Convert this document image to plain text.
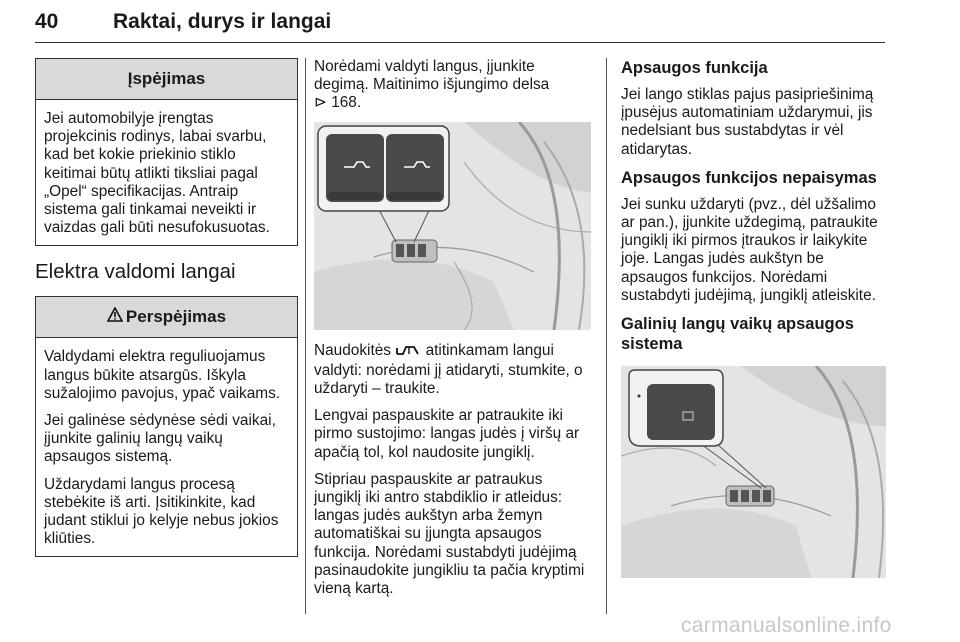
40	Raktai, durys ir langai
Įspėjimas

Jei automobilyje įrengtas projekcinis rodinys, labai svarbu, kad bet kokie priekinio stiklo keitimai būtų atlikti tiksliai pagal „Opel“ specifikacijas. Antraip sistema gali tinkamai neveikti ir vaizdas gali būti nesufokusuotas.

Elektra valdomi langai
Perspėjimas

Valdydami elektra reguliuojamus langus būkite atsargūs. Iškyla sužalojimo pavojus, ypač vaikams.

Jei galinėse sėdynėse sėdi vaikai, įjunkite galinių langų vaikų apsaugos sistemą.

Uždarydami langus procesą stebėkite iš arti. Įsitikinkite, kad judant stiklui jo kelyje nebus jokios kliūties.

Norėdami valdyti langus, įjunkite degimą. Maitinimo išjungimo delsa
⊳ 168.

Naudokitės atitinkamam langui valdyti: norėdami jį atidaryti, stumkite, o uždaryti – traukite.

Lengvai paspauskite ar patraukite iki pirmo sustojimo: langas judės į viršų ar apačią tol, kol naudosite jungiklį.

Stipriau paspauskite ar patraukus jungiklį iki antro stabdiklio ir atleidus: langas judės aukštyn arba žemyn automatiškai su įjungta apsaugos funkcija. Norėdami sustabdyti judėjimą pasinaudokite jungikliu ta pačia kryptimi vieną kartą.

Apsaugos funkcija

Jei lango stiklas pajus pasipriešinimą įpusėjus automatiniam uždarymui, jis nedelsiant bus sustabdytas ir vėl atidarytas.

Apsaugos funkcijos nepaisymas

Jei sunku uždaryti (pvz., dėl užšalimo ar pan.), įjunkite uždegimą, patraukite jungiklį iki pirmos įtraukos ir laikykite joje. Langas judės aukštyn be apsaugos funkcijos. Norėdami sustabdyti judėjimą, jungiklį atleiskite.

Galinių langų vaikų apsaugos sistema
carmanualsonline.info
